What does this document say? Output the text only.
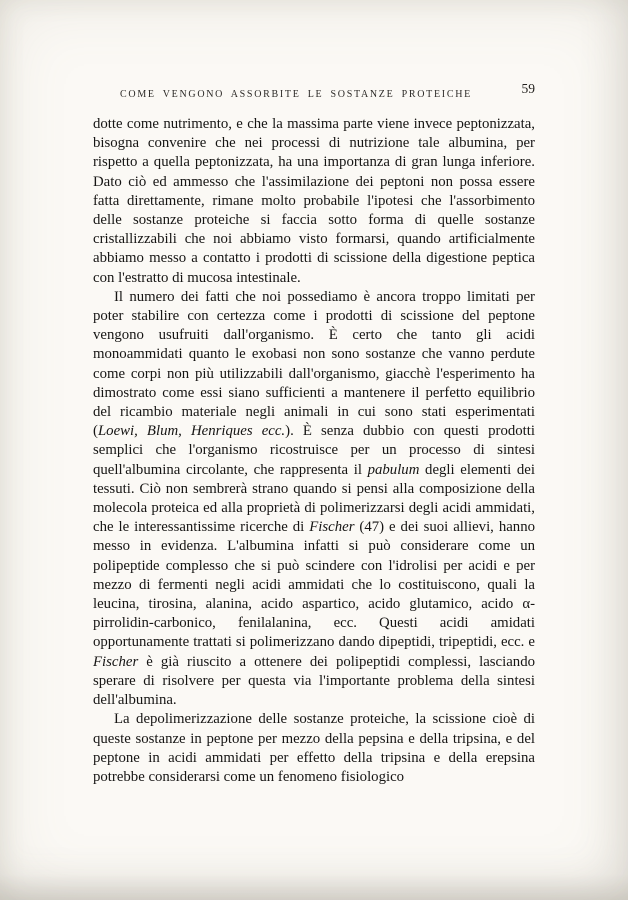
COME VENGONO ASSORBITE LE SOSTANZE PROTEICHE	59

dotte come nutrimento, e che la massima parte viene invece peptonizzata, bisogna convenire che nei processi di nutrizione tale albumina, per rispetto a quella peptonizzata, ha una importanza di gran lunga inferiore. Dato ciò ed ammesso che l'assimilazione dei peptoni non possa essere fatta direttamente, rimane molto probabile l'ipotesi che l'assorbimento delle sostanze proteiche si faccia sotto forma di quelle sostanze cristallizzabili che noi abbiamo visto formarsi, quando artificialmente abbiamo messo a contatto i prodotti di scissione della digestione peptica con l'estratto di mucosa intestinale.

Il numero dei fatti che noi possediamo è ancora troppo limitati per poter stabilire con certezza come i prodotti di scissione del peptone vengono usufruiti dall'organismo. È certo che tanto gli acidi monoammidati quanto le exobasi non sono sostanze che vanno perdute come corpi non più utilizzabili dall'organismo, giacchè l'esperimento ha dimostrato come essi siano sufficienti a mantenere il perfetto equilibrio del ricambio materiale negli animali in cui sono stati esperimentati (Loewi, Blum, Henriques ecc.). È senza dubbio con questi prodotti semplici che l'organismo ricostruisce per un processo di sintesi quell'albumina circolante, che rappresenta il pabulum degli elementi dei tessuti. Ciò non sembrerà strano quando si pensi alla composizione della molecola proteica ed alla proprietà di polimerizzarsi degli acidi ammidati, che le interessantissime ricerche di Fischer (47) e dei suoi allievi, hanno messo in evidenza. L'albumina infatti si può considerare come un polipeptide complesso che si può scindere con l'idrolisi per acidi e per mezzo di fermenti negli acidi ammidati che lo costituiscono, quali la leucina, tirosina, alanina, acido aspartico, acido glutamico, acido α-pirrolidin-carbonico, fenilalanina, ecc. Questi acidi amidati opportunamente trattati si polimerizzano dando dipeptidi, tripeptidi, ecc. e Fischer è già riuscito a ottenere dei polipeptidi complessi, lasciando sperare di risolvere per questa via l'importante problema della sintesi dell'albumina.

La depolimerizzazione delle sostanze proteiche, la scissione cioè di queste sostanze in peptone per mezzo della pepsina e della tripsina, e del peptone in acidi ammidati per effetto della tripsina e della erepsina potrebbe considerarsi come un fenomeno fisiologico
